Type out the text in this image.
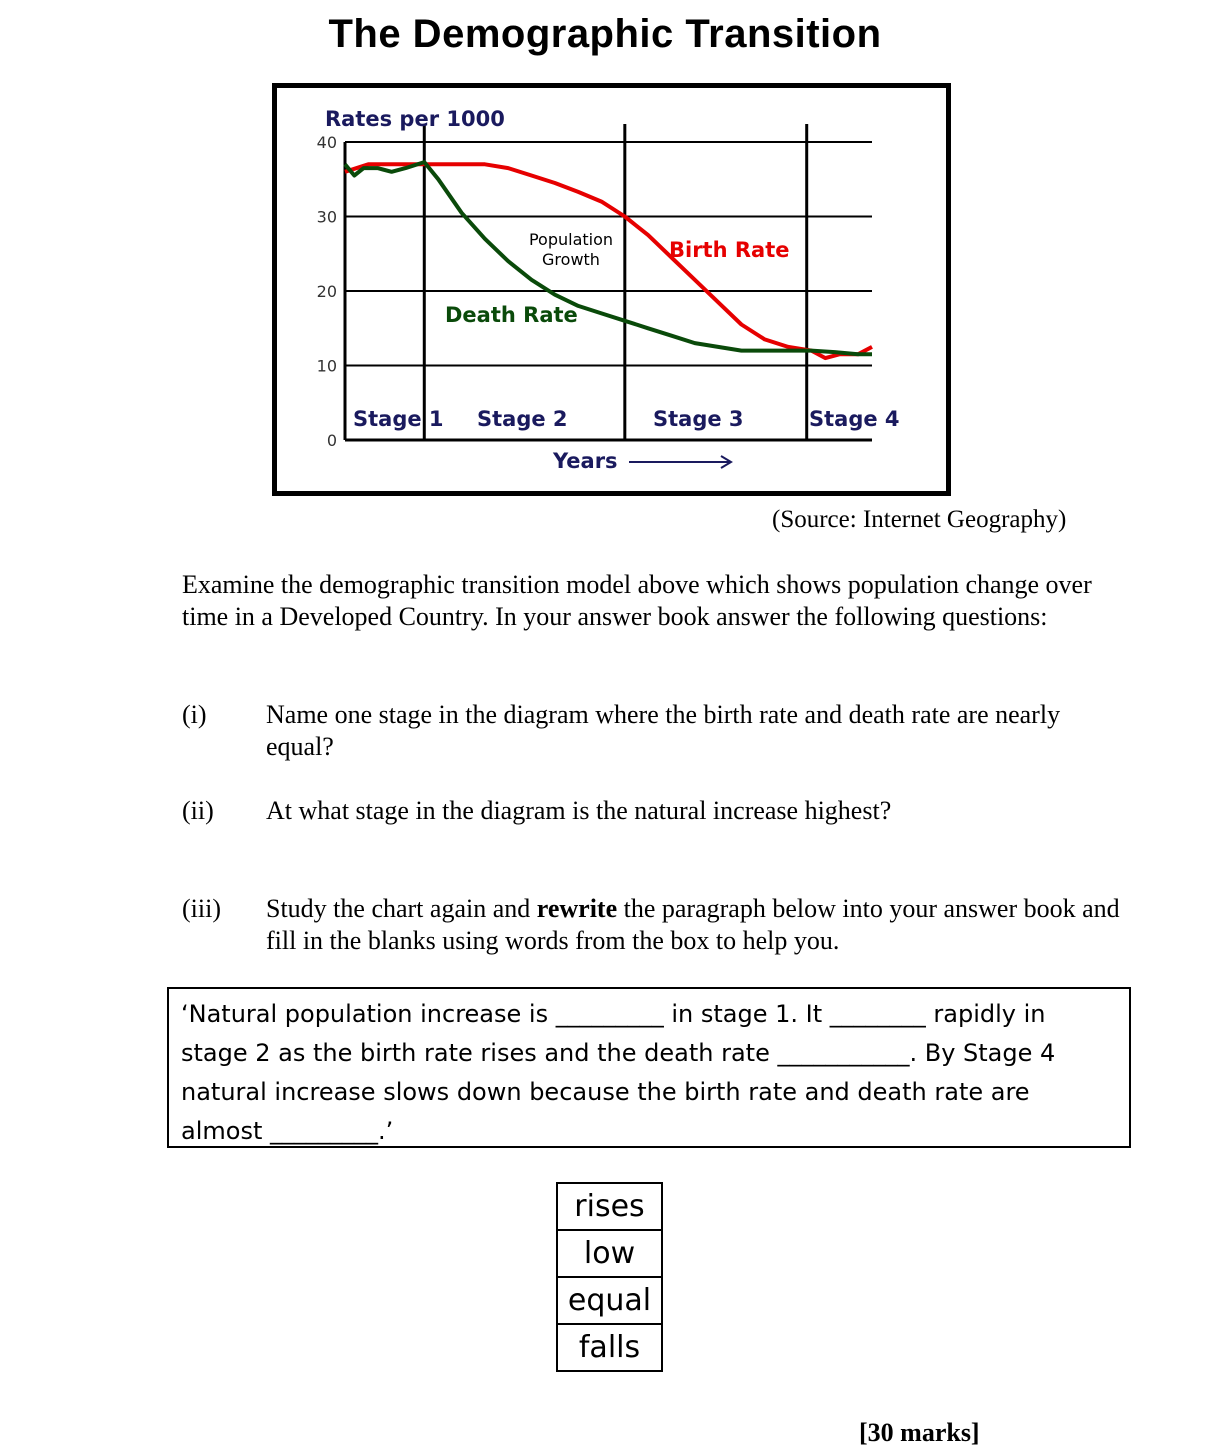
The Demographic Transition
0
10
20
30
40
Rates per 1000
Birth Rate
Death Rate
Population Growth
Stage 1 Stage 2	Stage 3	Stage 4
Years
(Source: Internet Geography)
Examine the demographic transition model above which shows population change over time in a Developed Country. In your answer book answer the following questions:
(i) Name one stage in the diagram where the birth rate and death rate are nearly equal?
(ii) At what stage in the diagram is the natural increase highest?
(iii) Study the chart again and rewrite the paragraph below into your answer book and fill in the blanks using words from the box to help you.
‘Natural population increase is _________ in stage 1. It ________ rapidly in stage 2 as the birth rate rises and the death rate ___________. By Stage 4 natural increase slows down because the birth rate and death rate are almost _________.’
rises
low
equal
falls
[30 marks]
